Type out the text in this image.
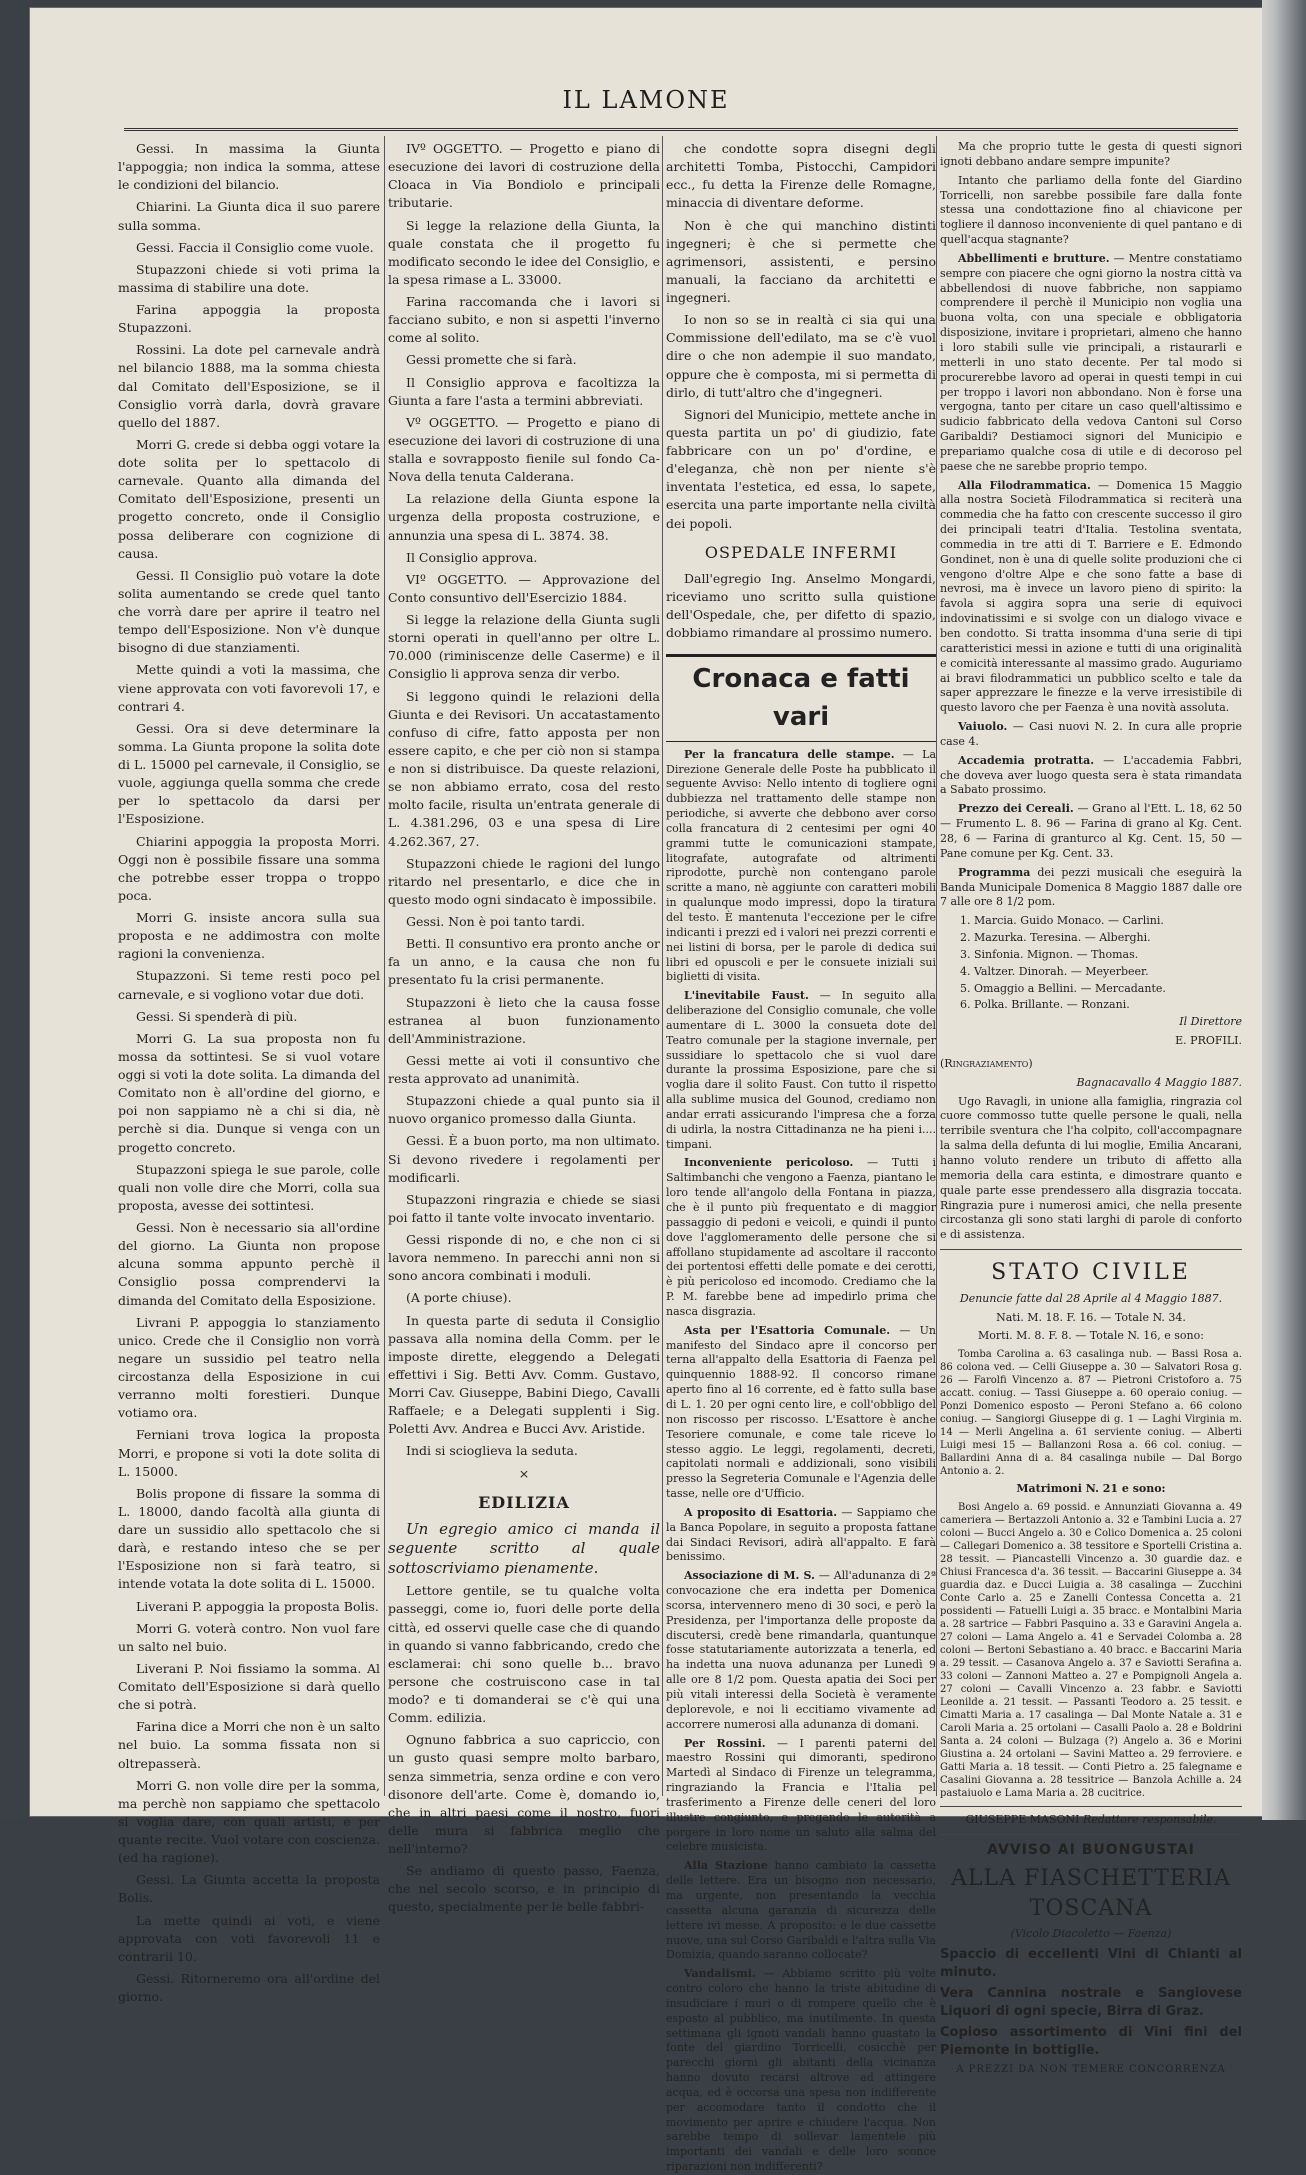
IL LAMONE

Gessi. In massima la Giunta l'appoggia; non indica la somma, attese le condizioni del bilancio.

Chiarini. La Giunta dica il suo parere sulla somma.

Gessi. Faccia il Consiglio come vuole.

Stupazzoni chiede si voti prima la massima di stabilire una dote.

Farina appoggia la proposta Stupazzoni.

Rossini. La dote pel carnevale andrà nel bilancio 1888, ma la somma chiesta dal Comitato dell'Esposizione, se il Consiglio vorrà darla, dovrà gravare quello del 1887.

Morri G. crede si debba oggi votare la dote solita per lo spettacolo di carnevale. Quanto alla dimanda del Comitato dell'Esposizione, presenti un progetto concreto, onde il Consiglio possa deliberare con cognizione di causa.

Gessi. Il Consiglio può votare la dote solita aumentando se crede quel tanto che vorrà dare per aprire il teatro nel tempo dell'Esposizione. Non v'è dunque bisogno di due stanziamenti.

Mette quindi a voti la massima, che viene approvata con voti favorevoli 17, e contrari 4.

Gessi. Ora si deve determinare la somma. La Giunta propone la solita dote di L. 15000 pel carnevale, il Consiglio, se vuole, aggiunga quella somma che crede per lo spettacolo da darsi per l'Esposizione.

Chiarini appoggia la proposta Morri. Oggi non è possibile fissare una somma che potrebbe esser troppa o troppo poca.

Morri G. insiste ancora sulla sua proposta e ne addimostra con molte ragioni la convenienza.

Stupazzoni. Si teme resti poco pel carnevale, e si vogliono votar due doti.

Gessi. Si spenderà di più.

Morri G. La sua proposta non fu mossa da sottintesi. Se si vuol votare oggi si voti la dote solita. La dimanda del Comitato non è all'ordine del giorno, e poi non sappiamo nè a chi si dia, nè perchè si dia. Dunque si venga con un progetto concreto.

Stupazzoni spiega le sue parole, colle quali non volle dire che Morri, colla sua proposta, avesse dei sottintesi.

Gessi. Non è necessario sia all'ordine del giorno. La Giunta non propose alcuna somma appunto perchè il Consiglio possa comprendervi la dimanda del Comitato della Esposizione.

Livrani P. appoggia lo stanziamento unico. Crede che il Consiglio non vorrà negare un sussidio pel teatro nella circostanza della Esposizione in cui verranno molti forestieri. Dunque votiamo ora.

Ferniani trova logica la proposta Morri, e propone si voti la dote solita di L. 15000.

Bolis propone di fissare la somma di L. 18000, dando facoltà alla giunta di dare un sussidio allo spettacolo che si darà, e restando inteso che se per l'Esposizione non si farà teatro, si intende votata la dote solita di L. 15000.

Liverani P. appoggia la proposta Bolis.

Morri G. voterà contro. Non vuol fare un salto nel buio.

Liverani P. Noi fissiamo la somma. Al Comitato dell'Esposizione si darà quello che si potrà.

Farina dice a Morri che non è un salto nel buio. La somma fissata non si oltrepasserà.

Morri G. non volle dire per la somma, ma perchè non sappiamo che spettacolo si voglia dare, con quali artisti, e per quante recite. Vuol votare con coscienza. (ed ha ragione).

Gessi. La Giunta accetta la proposta Bolis.

La mette quindi ai voti, e viene approvata con voti favorevoli 11 e contrarii 10.

Gessi. Ritorneremo ora all'ordine del giorno.

IVº OGGETTO. — Progetto e piano di esecuzione dei lavori di costruzione della Cloaca in Via Bondiolo e principali tributarie.

Si legge la relazione della Giunta, la quale constata che il progetto fu modificato secondo le idee del Consiglio, e la spesa rimase a L. 33000.

Farina raccomanda che i lavori si facciano subito, e non si aspetti l'inverno come al solito.

Gessi promette che si farà.

Il Consiglio approva e facoltizza la Giunta a fare l'asta a termini abbreviati.

Vº OGGETTO. — Progetto e piano di esecuzione dei lavori di costruzione di una stalla e sovrapposto fienile sul fondo Ca-Nova della tenuta Calderana.

La relazione della Giunta espone la urgenza della proposta costruzione, e annunzia una spesa di L. 3874. 38.

Il Consiglio approva.

VIº OGGETTO. — Approvazione del Conto consuntivo dell'Esercizio 1884.

Si legge la relazione della Giunta sugli storni operati in quell'anno per oltre L. 70.000 (riminiscenze delle Caserme) e il Consiglio li approva senza dir verbo.

Si leggono quindi le relazioni della Giunta e dei Revisori. Un accatastamento confuso di cifre, fatto apposta per non essere capito, e che per ciò non si stampa e non si distribuisce. Da queste relazioni, se non abbiamo errato, cosa del resto molto facile, risulta un'entrata generale di L. 4.381.296, 03 e una spesa di Lire 4.262.367, 27.

Stupazzoni chiede le ragioni del lungo ritardo nel presentarlo, e dice che in questo modo ogni sindacato è impossibile.

Gessi. Non è poi tanto tardi.

Betti. Il consuntivo era pronto anche or fa un anno, e la causa che non fu presentato fu la crisi permanente.

Stupazzoni è lieto che la causa fosse estranea al buon funzionamento dell'Amministrazione.

Gessi mette ai voti il consuntivo che resta approvato ad unanimità.

Stupazzoni chiede a qual punto sia il nuovo organico promesso dalla Giunta.

Gessi. È a buon porto, ma non ultimato. Si devono rivedere i regolamenti per modificarli.

Stupazzoni ringrazia e chiede se siasi poi fatto il tante volte invocato inventario.

Gessi risponde di no, e che non ci si lavora nemmeno. In parecchi anni non si sono ancora combinati i moduli.

(A porte chiuse).

In questa parte di seduta il Consiglio passava alla nomina della Comm. per le imposte dirette, eleggendo a Delegati effettivi i Sig. Betti Avv. Comm. Gustavo, Morri Cav. Giuseppe, Babini Diego, Cavalli Raffaele; e a Delegati supplenti i Sig. Poletti Avv. Andrea e Bucci Avv. Aristide.

Indi si scioglieva la seduta.

×

EDILIZIA

Un egregio amico ci manda il seguente scritto al quale sottoscriviamo pienamente.

Lettore gentile, se tu qualche volta passeggi, come io, fuori delle porte della città, ed osservi quelle case che di quando in quando si vanno fabbricando, credo che esclamerai: chi sono quelle b... bravo persone che costruiscono case in tal modo? e ti domanderai se c'è qui una Comm. edilizia.

Ognuno fabbrica a suo capriccio, con un gusto quasi sempre molto barbaro, senza simmetria, senza ordine e con vero disonore dell'arte. Come è, domando io, che in altri paesi come il nostro, fuori delle mura si fabbrica meglio che nell'interno?

Se andiamo di questo passo, Faenza, che nel secolo scorso, e in principio di questo, specialmente per le belle fabbri-

che condotte sopra disegni degli architetti Tomba, Pistocchi, Campidori ecc., fu detta la Firenze delle Romagne, minaccia di diventare deforme.

Non è che qui manchino distinti ingegneri; è che si permette che agrimensori, assistenti, e persino manuali, la facciano da architetti e ingegneri.

Io non so se in realtà ci sia qui una Commissione dell'edilato, ma se c'è vuol dire o che non adempie il suo mandato, oppure che è composta, mi si permetta di dirlo, di tutt'altro che d'ingegneri.

Signori del Municipio, mettete anche in questa partita un po' di giudizio, fate fabbricare con un po' d'ordine, e d'eleganza, chè non per niente s'è inventata l'estetica, ed essa, lo sapete, esercita una parte importante nella civiltà dei popoli.

OSPEDALE INFERMI

Dall'egregio Ing. Anselmo Mongardi, riceviamo uno scritto sulla quistione dell'Ospedale, che, per difetto di spazio, dobbiamo rimandare al prossimo numero.

Cronaca e fatti vari

Per la francatura delle stampe. — La Direzione Generale delle Poste ha pubblicato il seguente Avviso: Nello intento di togliere ogni dubbiezza nel trattamento delle stampe non periodiche, si avverte che debbono aver corso colla francatura di 2 centesimi per ogni 40 grammi tutte le comunicazioni stampate, litografate, autografate od altrimenti riprodotte, purchè non contengano parole scritte a mano, nè aggiunte con caratteri mobili in qualunque modo impressi, dopo la tiratura del testo. È mantenuta l'eccezione per le cifre indicanti i prezzi ed i valori nei prezzi correnti e nei listini di borsa, per le parole di dedica sui libri ed opuscoli e per le consuete iniziali sui biglietti di visita.

L'inevitabile Faust. — In seguito alla deliberazione del Consiglio comunale, che volle aumentare di L. 3000 la consueta dote del Teatro comunale per la stagione invernale, per sussidiare lo spettacolo che si vuol dare durante la prossima Esposizione, pare che si voglia dare il solito Faust. Con tutto il rispetto alla sublime musica del Gounod, crediamo non andar errati assicurando l'impresa che a forza di udirla, la nostra Cittadinanza ne ha pieni i.... timpani.

Inconveniente pericoloso. — Tutti i Saltimbanchi che vengono a Faenza, piantano le loro tende all'angolo della Fontana in piazza, che è il punto più frequentato e di maggior passaggio di pedoni e veicoli, e quindi il punto dove l'agglomeramento delle persone che si affollano stupidamente ad ascoltare il racconto dei portentosi effetti delle pomate e dei cerotti, è più pericoloso ed incomodo. Crediamo che la P. M. farebbe bene ad impedirlo prima che nasca disgrazia.

Asta per l'Esattoria Comunale. — Un manifesto del Sindaco apre il concorso per terna all'appalto della Esattoria di Faenza pel quinquennio 1888-92. Il concorso rimane aperto fino al 16 corrente, ed è fatto sulla base di L. 1. 20 per ogni cento lire, e coll'obbligo del non riscosso per riscosso. L'Esattore è anche Tesoriere comunale, e come tale riceve lo stesso aggio. Le leggi, regolamenti, decreti, capitolati normali e addizionali, sono visibili presso la Segreteria Comunale e l'Agenzia delle tasse, nelle ore d'Ufficio.

A proposito di Esattoria. — Sappiamo che la Banca Popolare, in seguito a proposta fattane dai Sindaci Revisori, adirà all'appalto. E farà benissimo.

Associazione di M. S. — All'adunanza di 2ª convocazione che era indetta per Domenica scorsa, intervennero meno di 30 soci, e però la Presidenza, per l'importanza delle proposte da discutersi, credè bene rimandarla, quantunque fosse statutariamente autorizzata a tenerla, ed ha indetta una nuova adunanza per Lunedì 9 alle ore 8 1/2 pom. Questa apatia dei Soci per più vitali interessi della Società è veramente deplorevole, e noi li eccitiamo vivamente ad accorrere numerosi alla adunanza di domani.

Per Rossini. — I parenti paterni del maestro Rossini qui dimoranti, spedirono Martedì al Sindaco di Firenze un telegramma, ringraziando la Francia e l'Italia pel trasferimento a Firenze delle ceneri del loro illustre congiunto, e pregando le autorità a porgere in loro nome un saluto alla salma del celebre musicista.

Alla Stazione hanno cambiato la cassetta delle lettere. Era un bisogno non necessario, ma urgente, non presentando la vecchia cassetta alcuna garanzia di sicurezza delle lettere ivi messe. A proposito: e le due cassette nuove, una sul Corso Garibaldi e l'altra sulla Via Domizia, quando saranno collocate?

Vandalismi. — Abbiamo scritto più volte contro coloro che hanno la triste abitudine di insudiciare i muri o di rompere quello che è esposto al pubblico, ma inutilmente. In questa settimana gli ignoti vandali hanno guastato la fonte del giardino Torricelli, cosicchè per parecchi giorni gli abitanti della vicinanza hanno dovuto recarsi altrove ad attingere acqua, ed è occorsa una spesa non indifferente per accomodare tanto il condotto che il movimento per aprire e chiudere l'acqua. Non sarebbe tempo di sollevar lamentele più importanti dei vandali e delle loro sconce riparazioni non indifferenti?

Ma che proprio tutte le gesta di questi signori ignoti debbano andare sempre impunite?

Intanto che parliamo della fonte del Giardino Torricelli, non sarebbe possibile fare dalla fonte stessa una condottazione fino al chiavicone per togliere il dannoso inconveniente di quel pantano e di quell'acqua stagnante?

Abbellimenti e brutture. — Mentre constatiamo sempre con piacere che ogni giorno la nostra città va abbellendosi di nuove fabbriche, non sappiamo comprendere il perchè il Municipio non voglia una buona volta, con una speciale e obbligatoria disposizione, invitare i proprietari, almeno che hanno i loro stabili sulle vie principali, a ristaurarli e metterli in uno stato decente. Per tal modo si procurerebbe lavoro ad operai in questi tempi in cui per troppo i lavori non abbondano. Non è forse una vergogna, tanto per citare un caso quell'altissimo e sudicio fabbricato della vedova Cantoni sul Corso Garibaldi? Destiamoci signori del Municipio e prepariamo qualche cosa di utile e di decoroso pel paese che ne sarebbe proprio tempo.

Alla Filodrammatica. — Domenica 15 Maggio alla nostra Società Filodrammatica si reciterà una commedia che ha fatto con crescente successo il giro dei principali teatri d'Italia. Testolina sventata, commedia in tre atti di T. Barriere e E. Edmondo Gondinet, non è una di quelle solite produzioni che ci vengono d'oltre Alpe e che sono fatte a base di nevrosi, ma è invece un lavoro pieno di spirito: la favola si aggira sopra una serie di equivoci indovinatissimi e si svolge con un dialogo vivace e ben condotto. Si tratta insomma d'una serie di tipi caratteristici messi in azione e tutti di una originalità e comicità interessante al massimo grado. Auguriamo ai bravi filodrammatici un pubblico scelto e tale da saper apprezzare le finezze e la verve irresistibile di questo lavoro che per Faenza è una novità assoluta.

Vaiuolo. — Casi nuovi N. 2. In cura alle proprie case 4.

Accademia protratta. — L'accademia Fabbri, che doveva aver luogo questa sera è stata rimandata a Sabato prossimo.

Prezzo dei Cereali. — Grano al l'Ett. L. 18, 62 50 — Frumento L. 8. 96 — Farina di grano al Kg. Cent. 28, 6 — Farina di granturco al Kg. Cent. 15, 50 — Pane comune per Kg. Cent. 33.

Programma dei pezzi musicali che eseguirà la Banda Municipale Domenica 8 Maggio 1887 dalle ore 7 alle ore 8 1/2 pom.

1. Marcia. Guido Monaco. — Carlini.

2. Mazurka. Teresina. — Alberghi.

3. Sinfonia. Mignon. — Thomas.

4. Valtzer. Dinorah. — Meyerbeer.

5. Omaggio a Bellini. — Mercadante.

6. Polka. Brillante. — Ronzani.

Il Direttore

E. PROFILI.

(Ringraziamento)

Bagnacavallo 4 Maggio 1887.

Ugo Ravagli, in unione alla famiglia, ringrazia col cuore commosso tutte quelle persone le quali, nella terribile sventura che l'ha colpito, coll'accompagnare la salma della defunta di lui moglie, Emilia Ancarani, hanno voluto rendere un tributo di affetto alla memoria della cara estinta, e dimostrare quanto e quale parte esse prendessero alla disgrazia toccata. Ringrazia pure i numerosi amici, che nella presente circostanza gli sono stati larghi di parole di conforto e di assistenza.

STATO CIVILE

Denuncie fatte dal 28 Aprile al 4 Maggio 1887.

Nati. M. 18. F. 16. — Totale N. 34.

Morti. M. 8. F. 8. — Totale N. 16, e sono:

Tomba Carolina a. 63 casalinga nub. — Bassi Rosa a. 86 colona ved. — Celli Giuseppe a. 30 — Salvatori Rosa g. 26 — Farolfi Vincenzo a. 87 — Pietroni Cristoforo a. 75 accatt. coniug. — Tassi Giuseppe a. 60 operaio coniug. — Ponzi Domenico esposto — Peroni Stefano a. 66 colono coniug. — Sangiorgi Giuseppe di g. 1 — Laghi Virginia m. 14 — Merli Angelina a. 61 serviente coniug. — Alberti Luigi mesi 15 — Ballanzoni Rosa a. 66 col. coniug. — Ballardini Anna di a. 84 casalinga nubile — Dal Borgo Antonio a. 2.

Matrimoni N. 21 e sono:

Bosi Angelo a. 69 possid. e Annunziati Giovanna a. 49 cameriera — Bertazzoli Antonio a. 32 e Tambini Lucia a. 27 coloni — Bucci Angelo a. 30 e Colico Domenica a. 25 coloni — Callegari Domenico a. 38 tessitore e Sportelli Cristina a. 28 tessit. — Piancastelli Vincenzo a. 30 guardie daz. e Chiusi Francesca d'a. 36 tessit. — Baccarini Giuseppe a. 34 guardia daz. e Ducci Luigia a. 38 casalinga — Zucchini Conte Carlo a. 25 e Zanelli Contessa Concetta a. 21 possidenti — Fatuelli Luigi a. 35 bracc. e Montalbini Maria a. 28 sartrice — Fabbri Pasquino a. 33 e Garavini Angela a. 27 coloni — Lama Angelo a. 41 e Servadei Colomba a. 28 coloni — Bertoni Sebastiano a. 40 bracc. e Baccarini Maria a. 29 tessit. — Casanova Angelo a. 37 e Saviotti Serafina a. 33 coloni — Zannoni Matteo a. 27 e Pompignoli Angela a. 27 coloni — Cavalli Vincenzo a. 23 fabbr. e Saviotti Leonilde a. 21 tessit. — Passanti Teodoro a. 25 tessit. e Cimatti Maria a. 17 casalinga — Dal Monte Natale a. 31 e Caroli Maria a. 25 ortolani — Casalli Paolo a. 28 e Boldrini Santa a. 24 coloni — Bulzaga (?) Angelo a. 36 e Morini Giustina a. 24 ortolani — Savini Matteo a. 29 ferroviere. e Gatti Maria a. 18 tessit. — Conti Pietro a. 25 falegname e Casalini Giovanna a. 28 tessitrice — Banzola Achille a. 24 pastaiuolo e Lama Maria a. 28 cucitrice.

GIUSEPPE MASONI Redattore responsabile.

AVVISO AI BUONGUSTAI

ALLA FIASCHETTERIA TOSCANA

(Vicolo Diacoletto — Faenza)

Spaccio di eccellenti Vini di Chianti al minuto.

Vera Cannina nostrale e Sangiovese Liquori di ogni specie, Birra di Graz.

Copioso assortimento di Vini fini del Piemonte in bottiglie.

A PREZZI DA NON TEMERE CONCORRENZA
